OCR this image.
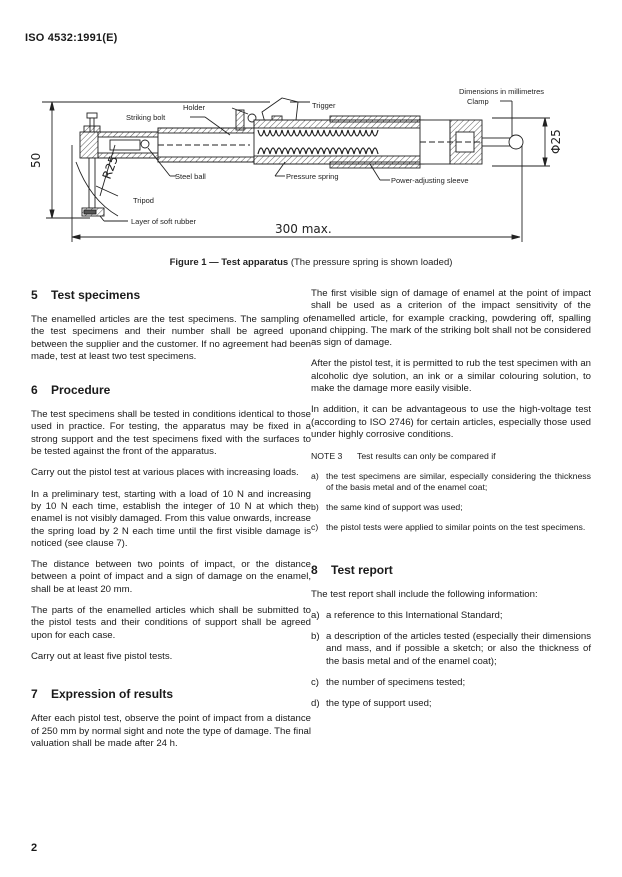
ISO 4532:1991(E)
50	R25
Φ25
300 max.
Dimensions in millimetres
Clamp
Holder	Trigger
Striking bolt
Steel ball	Pressure spring	Power-adjusting sleeve
Tripod
Layer of soft rubber
Figure 1 — Test apparatus (The pressure spring is shown loaded)
5 Test specimens

The enamelled articles are the test specimens. The sampling of the test specimens and their number shall be agreed upon between the supplier and the customer. If no agreement had been made, test at least two test specimens.

6 Procedure

The test specimens shall be tested in conditions identical to those used in practice. For testing, the apparatus may be fixed in a strong support and the test specimens fixed with the surfaces to be tested against the front of the apparatus.

Carry out the pistol test at various places with increasing loads.

In a preliminary test, starting with a load of 10 N and increasing by 10 N each time, establish the integer of 10 N at which the enamel is not visibly damaged. From this value onwards, increase the spring load by 2 N each time until the first visible damage is noticed (see clause 7).

The distance between two points of impact, or the distance between a point of impact and a sign of damage on the enamel, shall be at least 20 mm.

The parts of the enamelled articles which shall be submitted to the pistol tests and their conditions of support shall be agreed upon for each case.

Carry out at least five pistol tests.

7 Expression of results

After each pistol test, observe the point of impact from a distance of 250 mm by normal sight and note the type of damage. The final valuation shall be made after 24 h.

The first visible sign of damage of enamel at the point of impact shall be used as a criterion of the impact sensitivity of the enamelled article, for example cracking, powdering off, spalling and chipping. The mark of the striking bolt shall not be considered as sign of damage.

After the pistol test, it is permitted to rub the test specimen with an alcoholic dye solution, an ink or a similar colouring solution, to make the damage more easily visible.

In addition, it can be advantageous to use the high-voltage test (according to ISO 2746) for certain articles, especially those used under highly corrosive conditions.

NOTE 3 Test results can only be compared if
a) the test specimens are similar, especially considering the thickness of the basis metal and of the enamel coat;
b) the same kind of support was used;
c) the pistol tests were applied to similar points on the test specimens.
8 Test report

The test report shall include the following information:

a) a reference to this International Standard;
b) a description of the articles tested (especially their dimensions and mass, and if possible a sketch; or also the thickness of the basis metal and of the enamel coat);
c) the number of specimens tested;
d) the type of support used;
2
